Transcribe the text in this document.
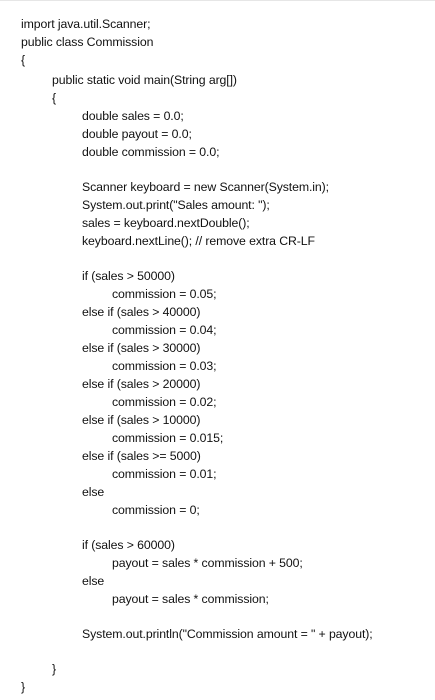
import java.util.Scanner;
public class Commission
{
public static void main(String arg[])
{
double sales = 0.0;
double payout = 0.0;
double commission = 0.0;
Scanner keyboard = new Scanner(System.in);
System.out.print("Sales amount: ");
sales = keyboard.nextDouble();
keyboard.nextLine(); // remove extra CR-LF
if (sales > 50000)
commission = 0.05;
else if (sales > 40000)
commission = 0.04;
else if (sales > 30000)
commission = 0.03;
else if (sales > 20000)
commission = 0.02;
else if (sales > 10000)
commission = 0.015;
else if (sales >= 5000)
commission = 0.01;
else
commission = 0;
if (sales > 60000)
payout = sales * commission + 500;
else
payout = sales * commission;
System.out.println("Commission amount = " + payout);
}
}
